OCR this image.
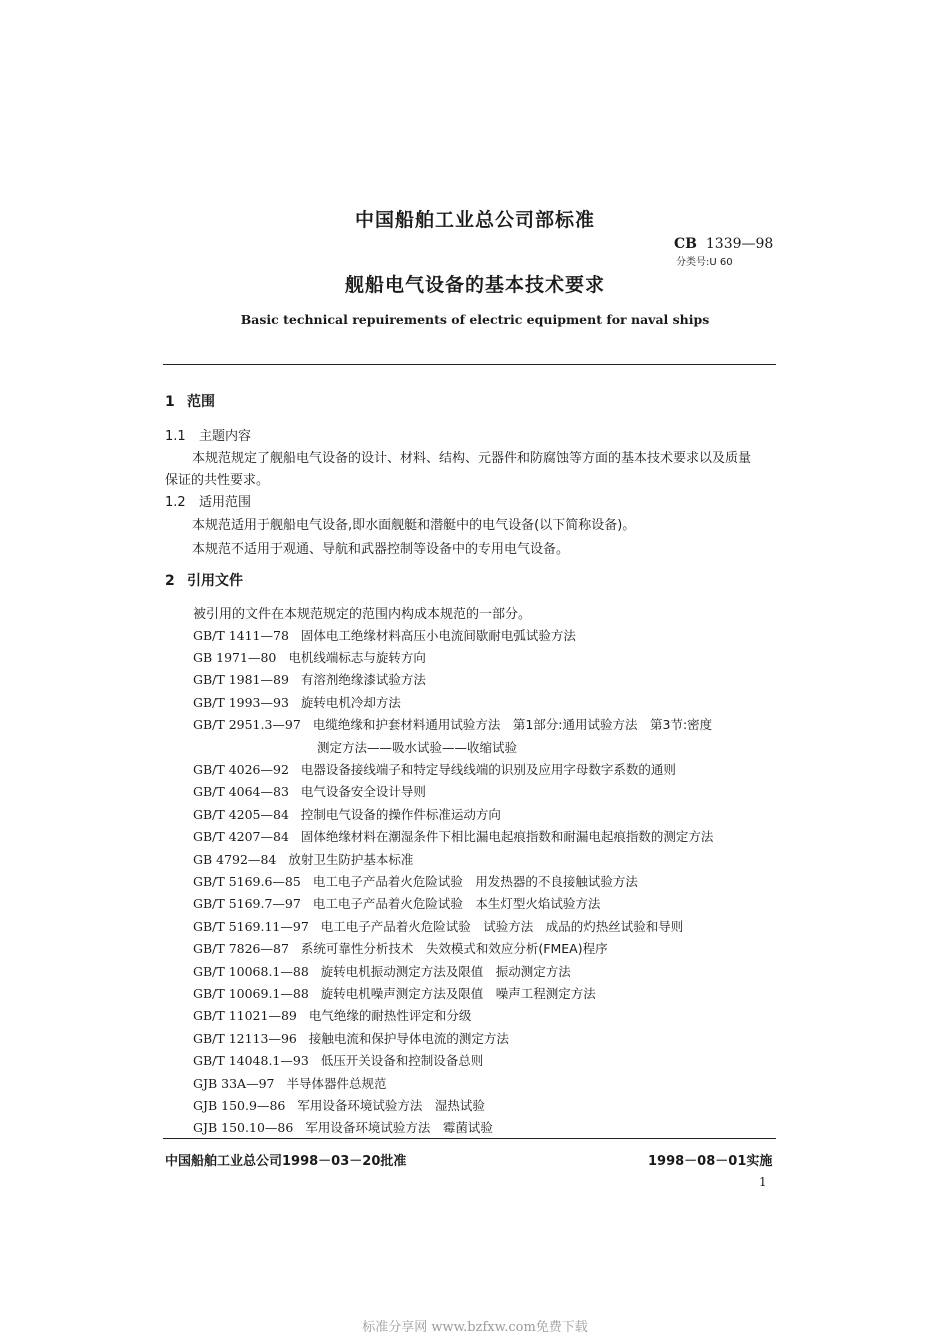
中国船舶工业总公司部标准
CB 1339—98
分类号:U 60
舰船电气设备的基本技术要求
Basic technical repuirements of electric equipment for naval ships
1 范围
1.1 主题内容
本规范规定了舰船电气设备的设计、材料、结构、元器件和防腐蚀等方面的基本技术要求以及质量
保证的共性要求。
1.2 适用范围
本规范适用于舰船电气设备,即水面舰艇和潜艇中的电气设备(以下简称设备)。
本规范不适用于观通、导航和武器控制等设备中的专用电气设备。
2 引用文件
被引用的文件在本规范规定的范围内构成本规范的一部分。
GB/T 1411—78 固体电工绝缘材料高压小电流间歇耐电弧试验方法
GB 1971—80 电机线端标志与旋转方向
GB/T 1981—89 有溶剂绝缘漆试验方法
GB/T 1993—93 旋转电机冷却方法
GB/T 2951.3—97 电缆绝缘和护套材料通用试验方法　第1部分:通用试验方法　第3节:密度
测定方法——吸水试验——收缩试验
GB/T 4026—92 电器设备接线端子和特定导线线端的识别及应用字母数字系数的通则
GB/T 4064—83 电气设备安全设计导则
GB/T 4205—84 控制电气设备的操作件标准运动方向
GB/T 4207—84 固体绝缘材料在潮湿条件下相比漏电起痕指数和耐漏电起痕指数的测定方法
GB 4792—84 放射卫生防护基本标准
GB/T 5169.6—85 电工电子产品着火危险试验　用发热器的不良接触试验方法
GB/T 5169.7—97 电工电子产品着火危险试验　本生灯型火焰试验方法
GB/T 5169.11—97 电工电子产品着火危险试验　试验方法　成品的灼热丝试验和导则
GB/T 7826—87 系统可靠性分析技术　失效模式和效应分析(FMEA)程序
GB/T 10068.1—88 旋转电机振动测定方法及限值　振动测定方法
GB/T 10069.1—88 旋转电机噪声测定方法及限值　噪声工程测定方法
GB/T 11021—89 电气绝缘的耐热性评定和分级
GB/T 12113—96 接触电流和保护导体电流的测定方法
GB/T 14048.1—93 低压开关设备和控制设备总则
GJB 33A—97 半导体器件总规范
GJB 150.9—86 军用设备环境试验方法　湿热试验
GJB 150.10—86 军用设备环境试验方法　霉菌试验
中国船舶工业总公司1998－03－20批准	1998－08－01实施
1
标准分享网 www.bzfxw.com免费下载
